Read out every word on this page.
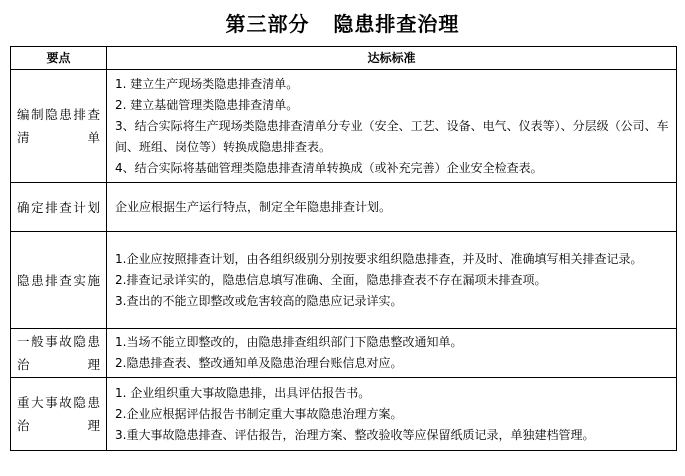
第三部分   隐患排查治理
要点	达标标准
编制隐患排查清单	1. 建立生产现场类隐患排查清单。
2. 建立基础管理类隐患排查清单。
3、结合实际将生产现场类隐患排查清单分专业（安全、工艺、设备、电气、仪表等）、分层级（公司、车间、班组、岗位等）转换成隐患排查表。
4、结合实际将基础管理类隐患排查清单转换成（或补充完善）企业安全检查表。

确定排查计划	企业应根据生产运行特点，制定全年隐患排查计划。

隐患排查实施	1.企业应按照排查计划，由各组织级别分别按要求组织隐患排查，并及时、准确填写相关排查记录。
2.排查记录详实的，隐患信息填写准确、全面，隐患排查表不存在漏项未排查项。
3.查出的不能立即整改或危害较高的隐患应记录详实。

一般事故隐患治理	1.当场不能立即整改的，由隐患排查组织部门下隐患整改通知单。
2.隐患排查表、整改通知单及隐患治理台账信息对应。

重大事故隐患治理	1. 企业组织重大事故隐患排，出具评估报告书。
2.企业应根据评估报告书制定重大事故隐患治理方案。
3.重大事故隐患排查、评估报告，治理方案、整改验收等应保留纸质记录，单独建档管理。
